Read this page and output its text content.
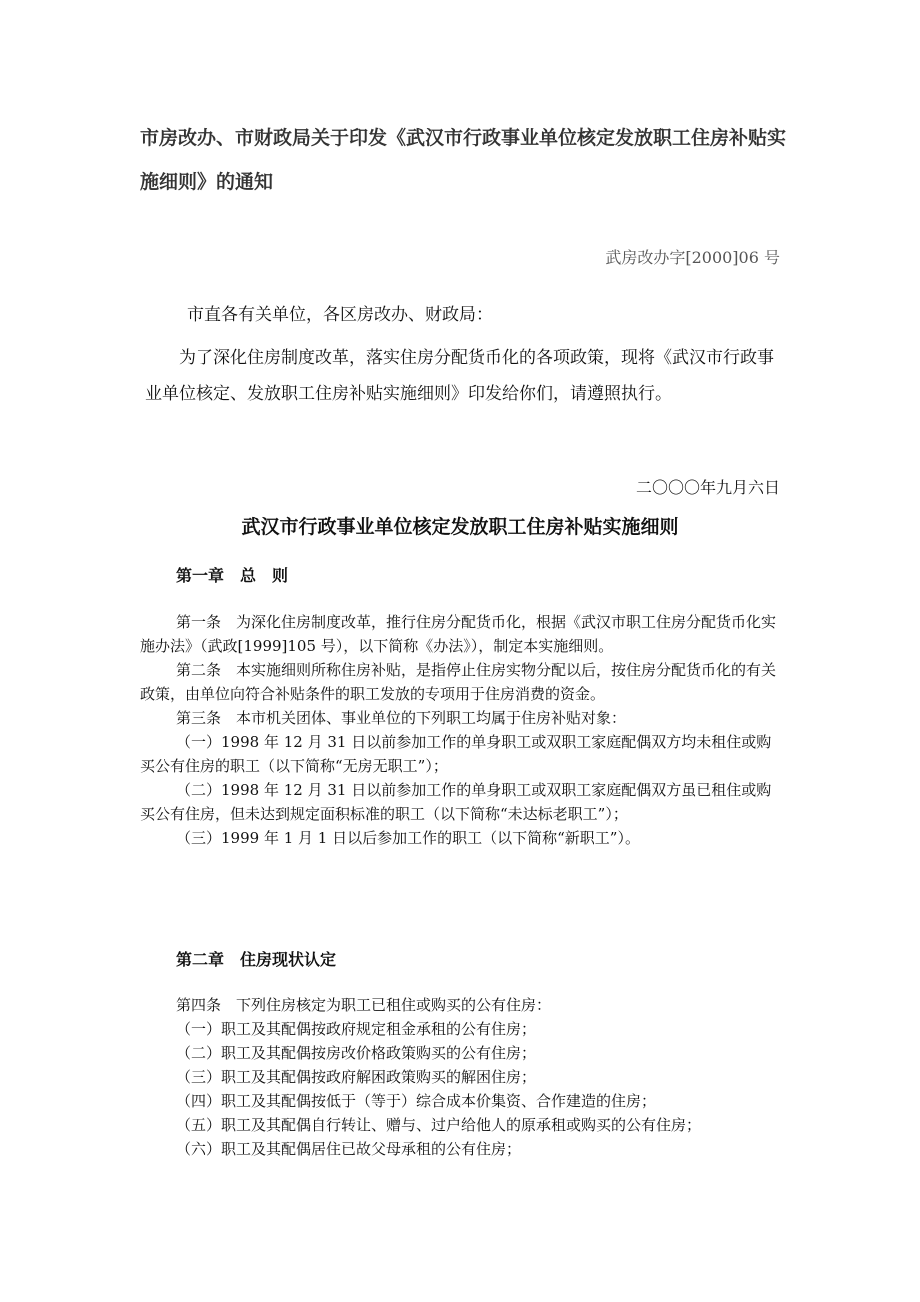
市房改办、市财政局关于印发《武汉市行政事业单位核定发放职工住房补贴实施细则》的通知
武房改办字[2000]06 号
市直各有关单位，各区房改办、财政局：

为了深化住房制度改革，落实住房分配货币化的各项政策，现将《武汉市行政事业单位核定、发放职工住房补贴实施细则》印发给你们，请遵照执行。

二〇〇〇年九月六日
武汉市行政事业单位核定发放职工住房补贴实施细则
第一章　总　则

第一条　为深化住房制度改革，推行住房分配货币化，根据《武汉市职工住房分配货币化实施办法》（武政[1999]105 号），以下简称《办法》），制定本实施细则。

第二条　本实施细则所称住房补贴，是指停止住房实物分配以后，按住房分配货币化的有关政策，由单位向符合补贴条件的职工发放的专项用于住房消费的资金。

第三条　本市机关团体、事业单位的下列职工均属于住房补贴对象：

（一）1998 年 12 月 31 日以前参加工作的单身职工或双职工家庭配偶双方均未租住或购买公有住房的职工（以下简称“无房无职工”）；

（二）1998 年 12 月 31 日以前参加工作的单身职工或双职工家庭配偶双方虽已租住或购买公有住房，但未达到规定面积标准的职工（以下简称“未达标老职工”）；

（三）1999 年 1 月 1 日以后参加工作的职工（以下简称“新职工”）。

第二章　住房现状认定
第四条　下列住房核定为职工已租住或购买的公有住房：
（一）职工及其配偶按政府规定租金承租的公有住房；
（二）职工及其配偶按房改价格政策购买的公有住房；
（三）职工及其配偶按政府解困政策购买的解困住房；
（四）职工及其配偶按低于（等于）综合成本价集资、合作建造的住房；
（五）职工及其配偶自行转让、赠与、过户给他人的原承租或购买的公有住房；
（六）职工及其配偶居住已故父母承租的公有住房；
